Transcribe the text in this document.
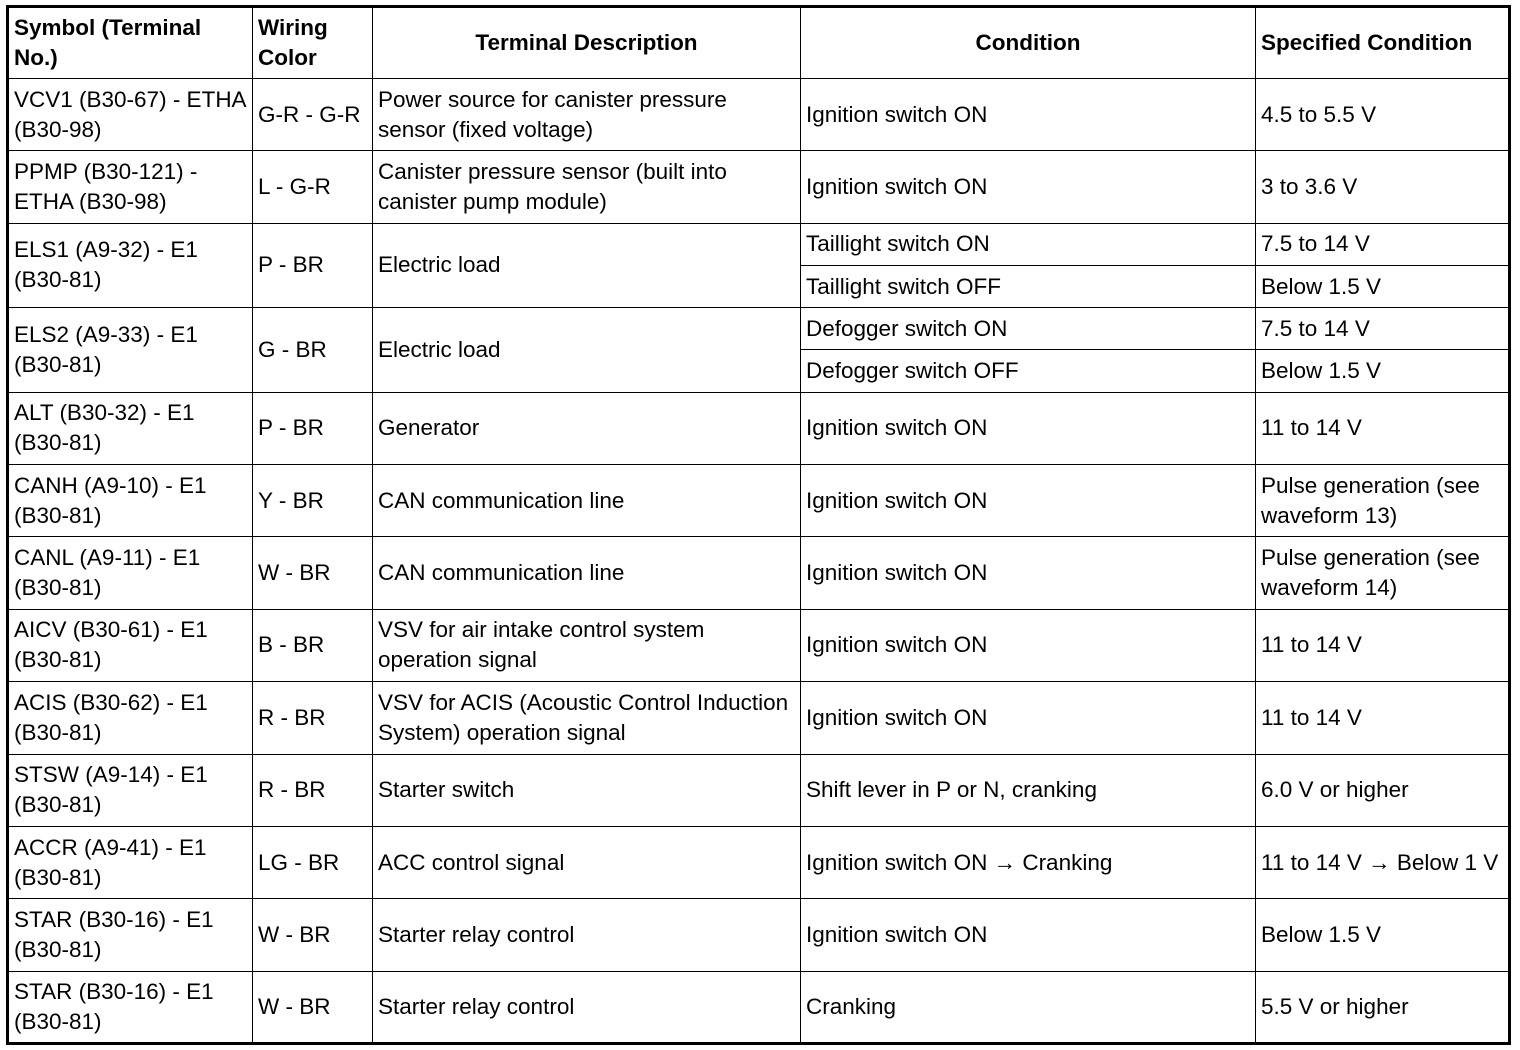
Symbol (Terminal No.)	Wiring Color	Terminal Description	Condition	Specified Condition
VCV1 (B30-67) - ETHA (B30-98)	G-R - G-R	Power source for canister pressure sensor (fixed voltage)	Ignition switch ON	4.5 to 5.5 V
PPMP (B30-121) - ETHA (B30-98)	L - G-R	Canister pressure sensor (built into canister pump module)	Ignition switch ON	3 to 3.6 V
ELS1 (A9-32) - E1 (B30-81)	P - BR	Electric load	Taillight switch ON	7.5 to 14 V
			Taillight switch OFF	Below 1.5 V
ELS2 (A9-33) - E1 (B30-81)	G - BR	Electric load	Defogger switch ON	7.5 to 14 V
			Defogger switch OFF	Below 1.5 V
ALT (B30-32) - E1 (B30-81)	P - BR	Generator	Ignition switch ON	11 to 14 V
CANH (A9-10) - E1 (B30-81)	Y - BR	CAN communication line	Ignition switch ON	Pulse generation (see waveform 13)
CANL (A9-11) - E1 (B30-81)	W - BR	CAN communication line	Ignition switch ON	Pulse generation (see waveform 14)
AICV (B30-61) - E1 (B30-81)	B - BR	VSV for air intake control system operation signal	Ignition switch ON	11 to 14 V
ACIS (B30-62) - E1 (B30-81)	R - BR	VSV for ACIS (Acoustic Control Induction System) operation signal	Ignition switch ON	11 to 14 V
STSW (A9-14) - E1 (B30-81)	R - BR	Starter switch	Shift lever in P or N, cranking	6.0 V or higher
ACCR (A9-41) - E1 (B30-81)	LG - BR	ACC control signal	Ignition switch ON → Cranking	11 to 14 V → Below 1 V
STAR (B30-16) - E1 (B30-81)	W - BR	Starter relay control	Ignition switch ON	Below 1.5 V
STAR (B30-16) - E1 (B30-81)	W - BR	Starter relay control	Cranking	5.5 V or higher
